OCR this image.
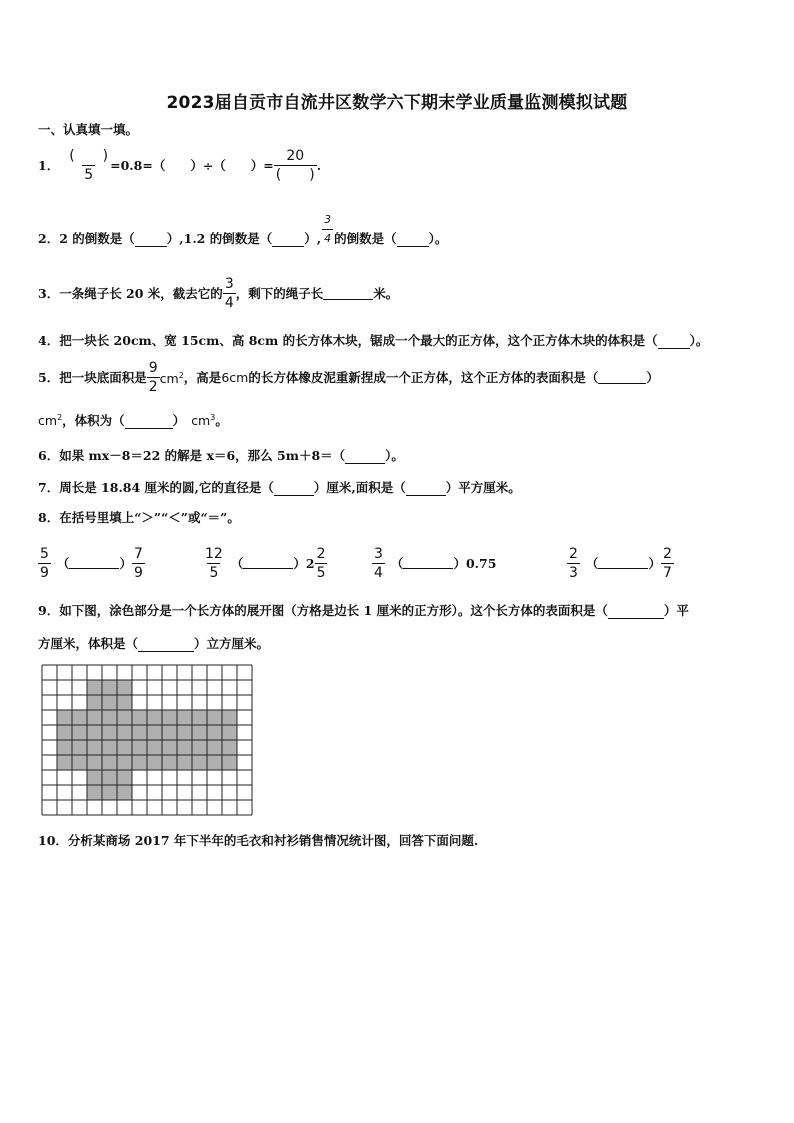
2023届自贡市自流井区数学六下期末学业质量监测模拟试题
一、认真填一填。
1． $\frac{( )}{5} =0.8=$（　　）÷（　　）= $\frac{20}{( )}$ .
2． 2 的倒数是（	）,1.2 的倒数是（	）, $\frac{3}{4}$ 的倒数是（	）。
3． 一条绳子长 20 米，截去它的 $\frac{3}{4}$ ，剩下的绳子长	米。
4． 把一块长 20cm、宽 15cm、高 8cm 的长方体木块，锯成一个最大的正方体，这个正方体木块的体积是（	）。
5． 把一块底面积是 $\frac{9}{2} cm^2$ ，高是 6cm 的长方体橡皮泥重新捏成一个正方体，这个正方体的表面积是（	）
$cm^2$ ，体积为（	） $cm^3$ 。
6． 如果 mx－8＝22 的解是 x＝6，那么 5m＋8＝（	）。
7． 周长是 18.84 厘米的圆,它的直径是（	）厘米,面积是（	）平方厘米。
8．在括号里填上“＞”“＜”或“＝”。
$\frac{5}{9}$ （	） $\frac{7}{9}$	$\frac{12}{5}$ （	） $2 \frac{2}{5}$	$\frac{3}{4}$ （	） 0.75	$\frac{2}{3}$ （	） $\frac{2}{7}$
9． 如下图，涂色部分是一个长方体的展开图（方格是边长 1 厘米的正方形）。这个长方体的表面积是（	）平
方厘米，体积是（	）立方厘米。
10．分析某商场 2017 年下半年的毛衣和衬衫销售情况统计图，回答下面问题.
